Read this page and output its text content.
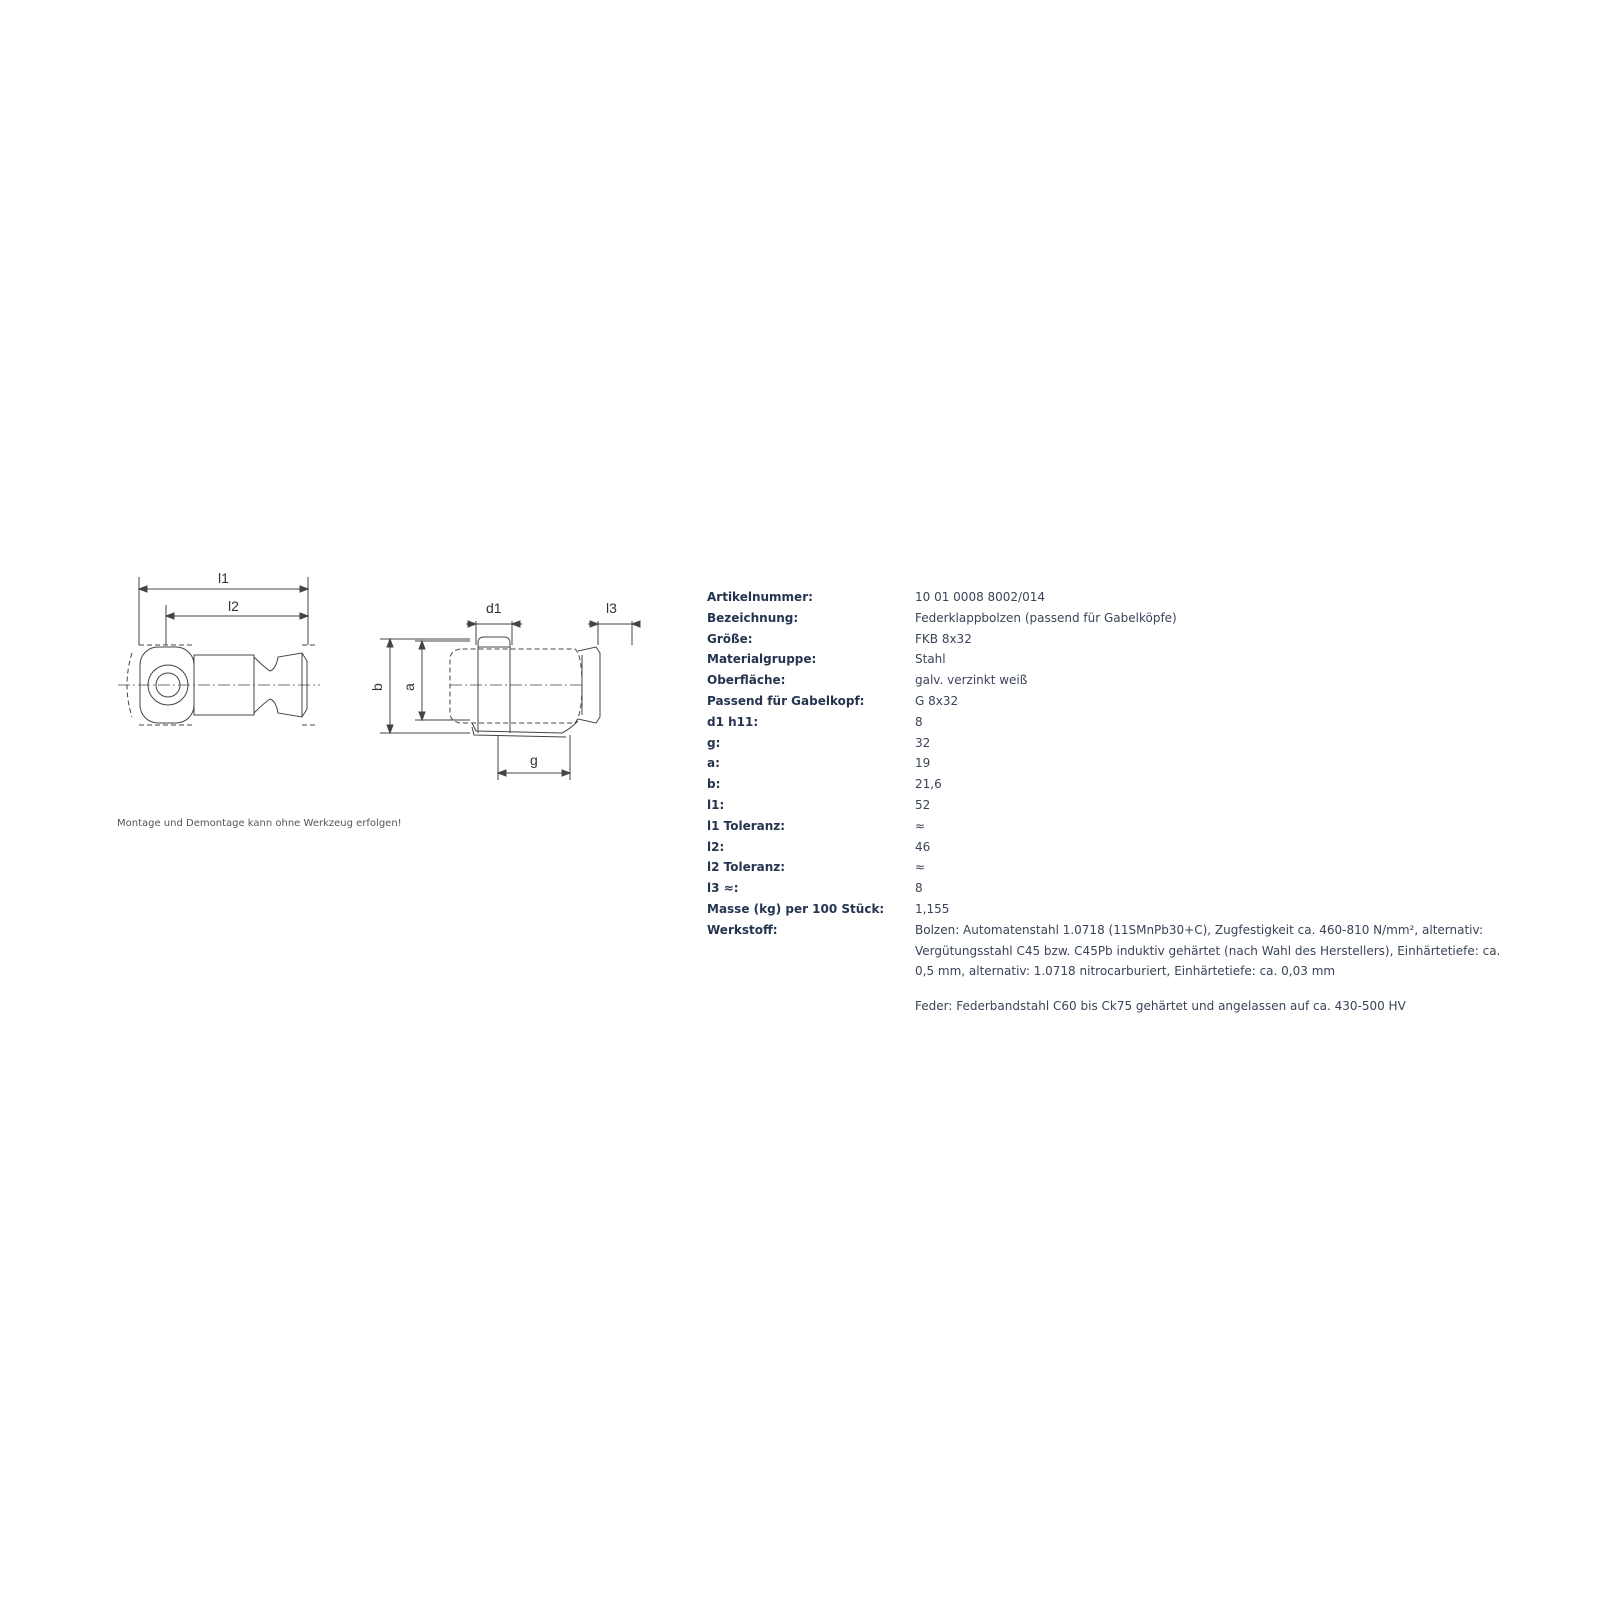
l1
l2	d1	l3
b a
g
Montage und Demontage kann ohne Werkzeug erfolgen!
Artikelnummer:	10 01 0008 8002/014
Bezeichnung:	Federklappbolzen (passend für Gabelköpfe)
Größe:	FKB 8x32
Materialgruppe:	Stahl
Oberfläche:	galv. verzinkt weiß
Passend für Gabelkopf:	G 8x32
d1 h11:	8
g:	32
a:	19
b:	21,6
l1:	52
l1 Toleranz:	≈
l2:	46
l2 Toleranz:	≈
l3 ≈:	8
Masse (kg) per 100 Stück:	1,155
Werkstoff:	Bolzen: Automatenstahl 1.0718 (11SMnPb30+C), Zugfestigkeit ca. 460-810 N/mm², alternativ: Vergütungsstahl C45 bzw. C45Pb induktiv gehärtet (nach Wahl des Herstellers), Einhärtetiefe: ca. 0,5 mm, alternativ: 1.0718 nitrocarburiert, Einhärtetiefe: ca. 0,03 mm
Feder: Federbandstahl C60 bis Ck75 gehärtet und angelassen auf ca. 430-500 HV
